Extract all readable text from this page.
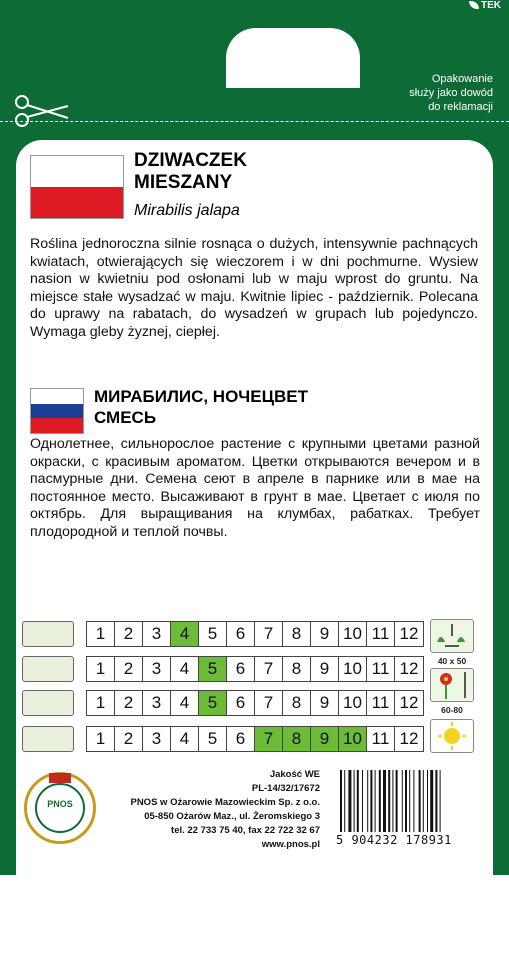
TEK
Opakowanie
służy jako dowód
do reklamacji
DZIWACZEK
MIESZANY
Mirabilis jalapa
Roślina jednoroczna silnie rosnąca o dużych, intensywnie pachnących kwiatach, otwierających się wieczorem i w dni pochmurne. Wysiew nasion w kwietniu pod osłonami lub w maju wprost do gruntu. Na miejsce stałe wysadzać w maju. Kwitnie lipiec - październik. Polecana do uprawy na rabatach, do wysadzeń w grupach lub pojedynczo. Wymaga gleby żyznej, ciepłej.
МИРАБИЛИС, НОЧЕЦВЕТ
СМЕСЬ
Однолетнее, сильнорослое растение с крупными цветами разной окраски, с красивым ароматом. Цветки открываются вечером и в пасмурные дни. Семена сеют в апреле в парнике или в мае на постоянное место. Высаживают в грунт в мае. Цветает с июля по октябрь. Для выращивания на клумбах, рабатках. Требует плодородной и теплой почвы.
1	2	3	4	5	6	7	8	9 10 11 12
1	2	3	4	5	6	7	8	9 10 11 12
1	2	3	4	5	6	7	8	9 10 11 12
1	2	3	4	5	6	7	8	9 10 11 12
40 x 50
60-80
PNOS
Jakość WE
PL-14/32/17672
PNOS w Ożarowie Mazowieckim Sp. z o.o.
05-850 Ożarów Maz., ul. Żeromskiego 3
tel. 22 733 75 40, fax 22 722 32 67
www.pnos.pl 5 904232 178931
